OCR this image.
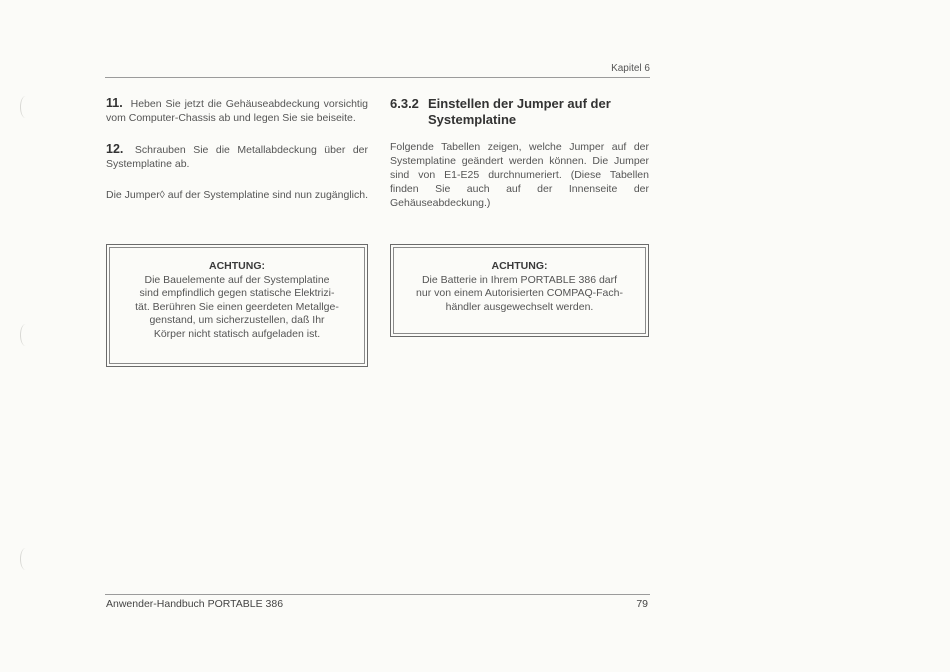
Kapitel 6

11. Heben Sie jetzt die Gehäuseabdeckung vorsichtig vom Computer-Chassis ab und legen Sie sie beiseite.

12. Schrauben Sie die Metallabdeckung über der Systemplatine ab.

Die Jumper◊ auf der Systemplatine sind nun zugänglich.

ACHTUNG:
Die Bauelemente auf der Systemplatine
sind empfindlich gegen statische Elektrizi-
tät. Berühren Sie einen geerdeten Metallge-
genstand, um sicherzustellen, daß Ihr
Körper nicht statisch aufgeladen ist.
6.3.2 Einstellen der Jumper auf der Systemplatine

Folgende Tabellen zeigen, welche Jumper auf der Systemplatine geändert werden können. Die Jumper sind von E1-E25 durchnumeriert. (Diese Tabellen finden Sie auch auf der Innenseite der Gehäuseabdeckung.)

ACHTUNG:
Die Batterie in Ihrem PORTABLE 386 darf
nur von einem Autorisierten COMPAQ-Fach-
händler ausgewechselt werden.
Anwender-Handbuch PORTABLE 386	79
